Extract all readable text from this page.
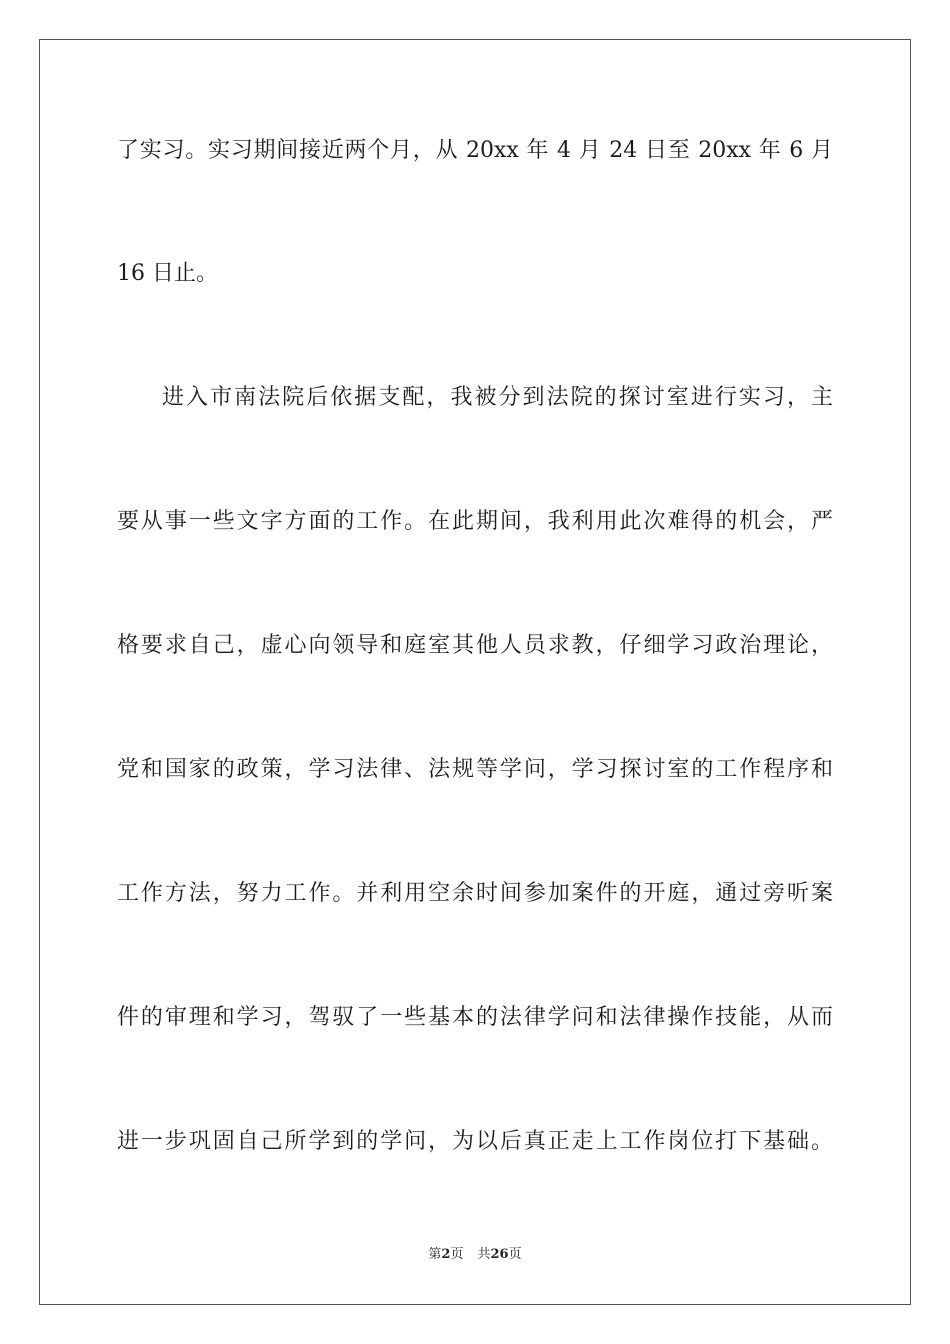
了实习。实习期间接近两个月，从 20xx 年 4 月 24 日至 20xx 年 6 月
16 日止。
进入市南法院后依据支配，我被分到法院的探讨室进行实习，主
要从事一些文字方面的工作。在此期间，我利用此次难得的机会，严
格要求自己，虚心向领导和庭室其他人员求教，仔细学习政治理论，
党和国家的政策，学习法律、法规等学问，学习探讨室的工作程序和
工作方法，努力工作。并利用空余时间参加案件的开庭，通过旁听案
件的审理和学习，驾驭了一些基本的法律学问和法律操作技能，从而
进一步巩固自己所学到的学问，为以后真正走上工作岗位打下基础。
第2页 共26页
